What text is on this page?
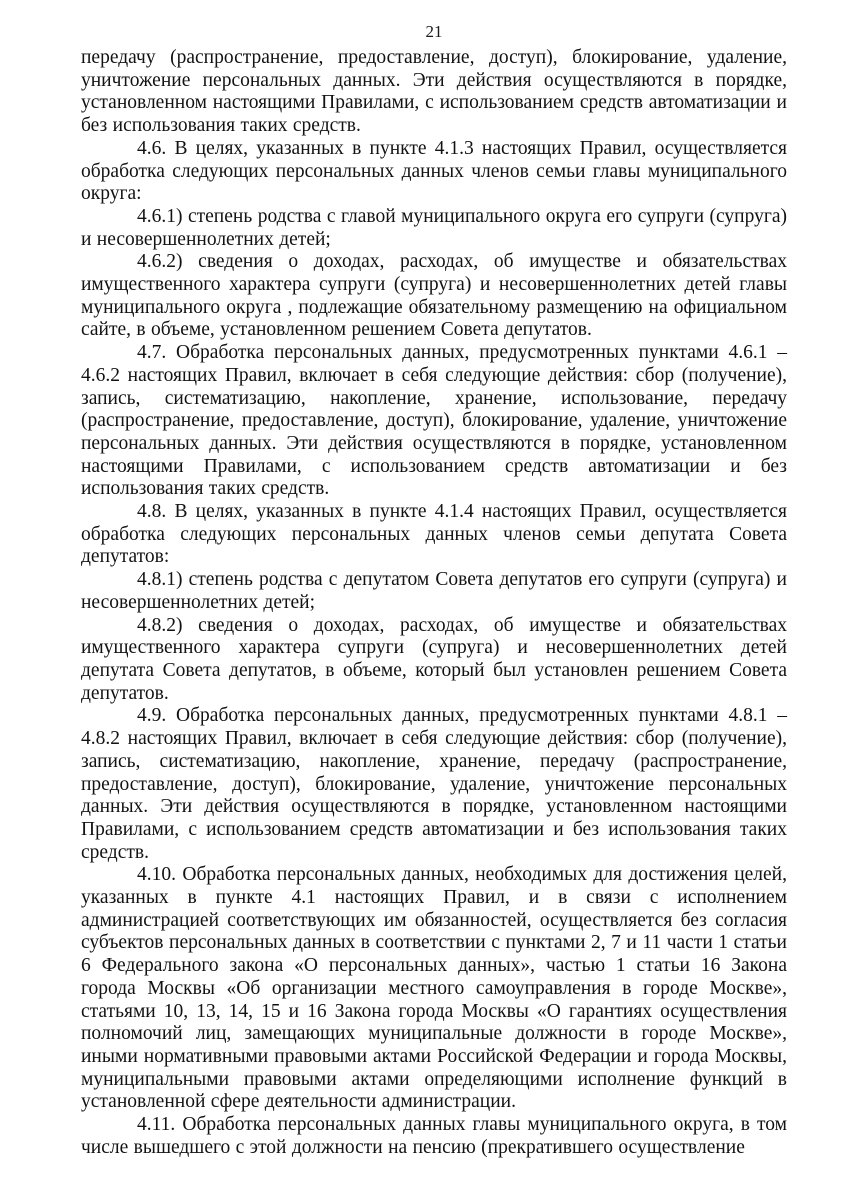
21

передачу (распространение, предоставление, доступ), блокирование, удаление, уничтожение персональных данных. Эти действия осуществляются в порядке, установленном настоящими Правилами, с использованием средств автоматизации и без использования таких средств.

4.6. В целях, указанных в пункте 4.1.3 настоящих Правил, осуществляется обработка следующих персональных данных членов семьи главы муниципального округа:

4.6.1) степень родства с главой муниципального округа его супруги (супруга) и несовершеннолетних детей;

4.6.2) сведения о доходах, расходах, об имуществе и обязательствах имущественного характера супруги (супруга) и несовершеннолетних детей главы муниципального округа , подлежащие обязательному размещению на официальном сайте, в объеме, установленном решением Совета депутатов.

4.7. Обработка персональных данных, предусмотренных пунктами 4.6.1 – 4.6.2 настоящих Правил, включает в себя следующие действия: сбор (получение), запись, систематизацию, накопление, хранение, использование, передачу (распространение, предоставление, доступ), блокирование, удаление, уничтожение персональных данных. Эти действия осуществляются в порядке, установленном настоящими Правилами, с использованием средств автоматизации и без использования таких средств.

4.8. В целях, указанных в пункте 4.1.4 настоящих Правил, осуществляется обработка следующих персональных данных членов семьи депутата Совета депутатов:

4.8.1) степень родства с депутатом Совета депутатов его супруги (супруга) и несовершеннолетних детей;

4.8.2) сведения о доходах, расходах, об имуществе и обязательствах имущественного характера супруги (супруга) и несовершеннолетних детей депутата Совета депутатов, в объеме, который был установлен решением Совета депутатов.

4.9. Обработка персональных данных, предусмотренных пунктами 4.8.1 – 4.8.2 настоящих Правил, включает в себя следующие действия: сбор (получение), запись, систематизацию, накопление, хранение, передачу (распространение, предоставление, доступ), блокирование, удаление, уничтожение персональных данных. Эти действия осуществляются в порядке, установленном настоящими Правилами, с использованием средств автоматизации и без использования таких средств.

4.10. Обработка персональных данных, необходимых для достижения целей, указанных в пункте 4.1 настоящих Правил, и в связи с исполнением администрацией соответствующих им обязанностей, осуществляется без согласия субъектов персональных данных в соответствии с пунктами 2, 7 и 11 части 1 статьи 6 Федерального закона «О персональных данных», частью 1 статьи 16 Закона города Москвы «Об организации местного самоуправления в городе Москве», статьями 10, 13, 14, 15 и 16 Закона города Москвы «О гарантиях осуществления полномочий лиц, замещающих муниципальные должности в городе Москве», иными нормативными правовыми актами Российской Федерации и города Москвы, муниципальными правовыми актами определяющими исполнение функций в установленной сфере деятельности администрации.

4.11. Обработка персональных данных главы муниципального округа, в том числе вышедшего с этой должности на пенсию (прекратившего осуществление
